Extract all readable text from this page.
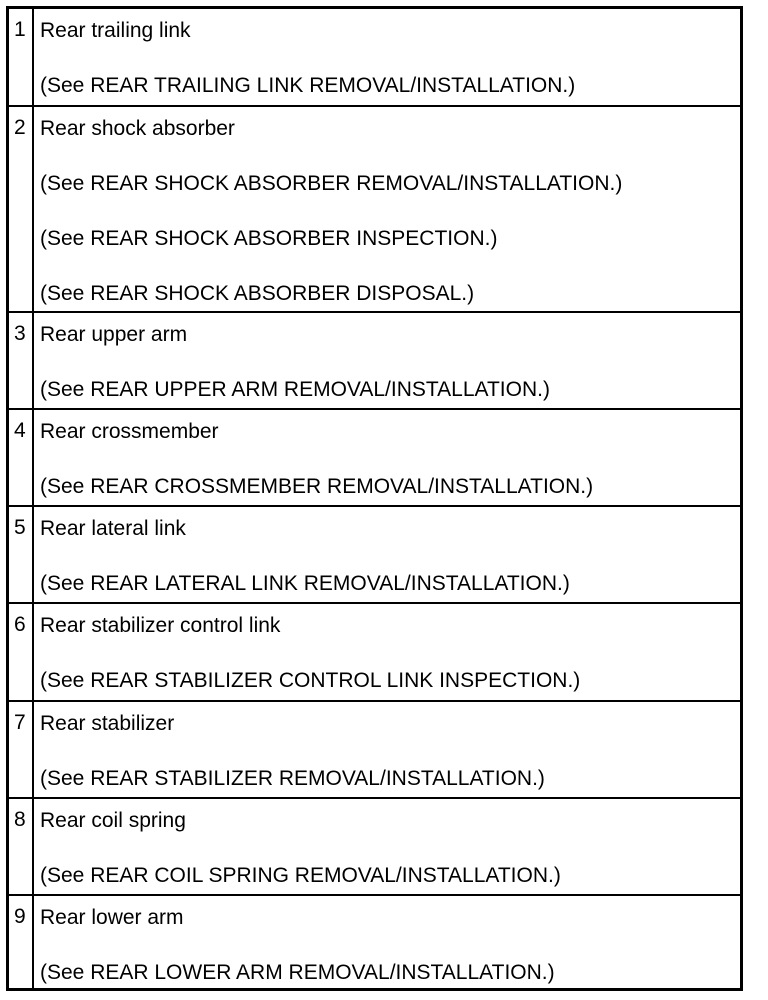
1 Rear trailing link
(See REAR TRAILING LINK REMOVAL/INSTALLATION.)
2 Rear shock absorber
(See REAR SHOCK ABSORBER REMOVAL/INSTALLATION.)
(See REAR SHOCK ABSORBER INSPECTION.)
(See REAR SHOCK ABSORBER DISPOSAL.)
3 Rear upper arm
(See REAR UPPER ARM REMOVAL/INSTALLATION.)
4 Rear crossmember
(See REAR CROSSMEMBER REMOVAL/INSTALLATION.)
5 Rear lateral link
(See REAR LATERAL LINK REMOVAL/INSTALLATION.)
6 Rear stabilizer control link
(See REAR STABILIZER CONTROL LINK INSPECTION.)
7 Rear stabilizer
(See REAR STABILIZER REMOVAL/INSTALLATION.)
8 Rear coil spring
(See REAR COIL SPRING REMOVAL/INSTALLATION.)
9 Rear lower arm
(See REAR LOWER ARM REMOVAL/INSTALLATION.)
